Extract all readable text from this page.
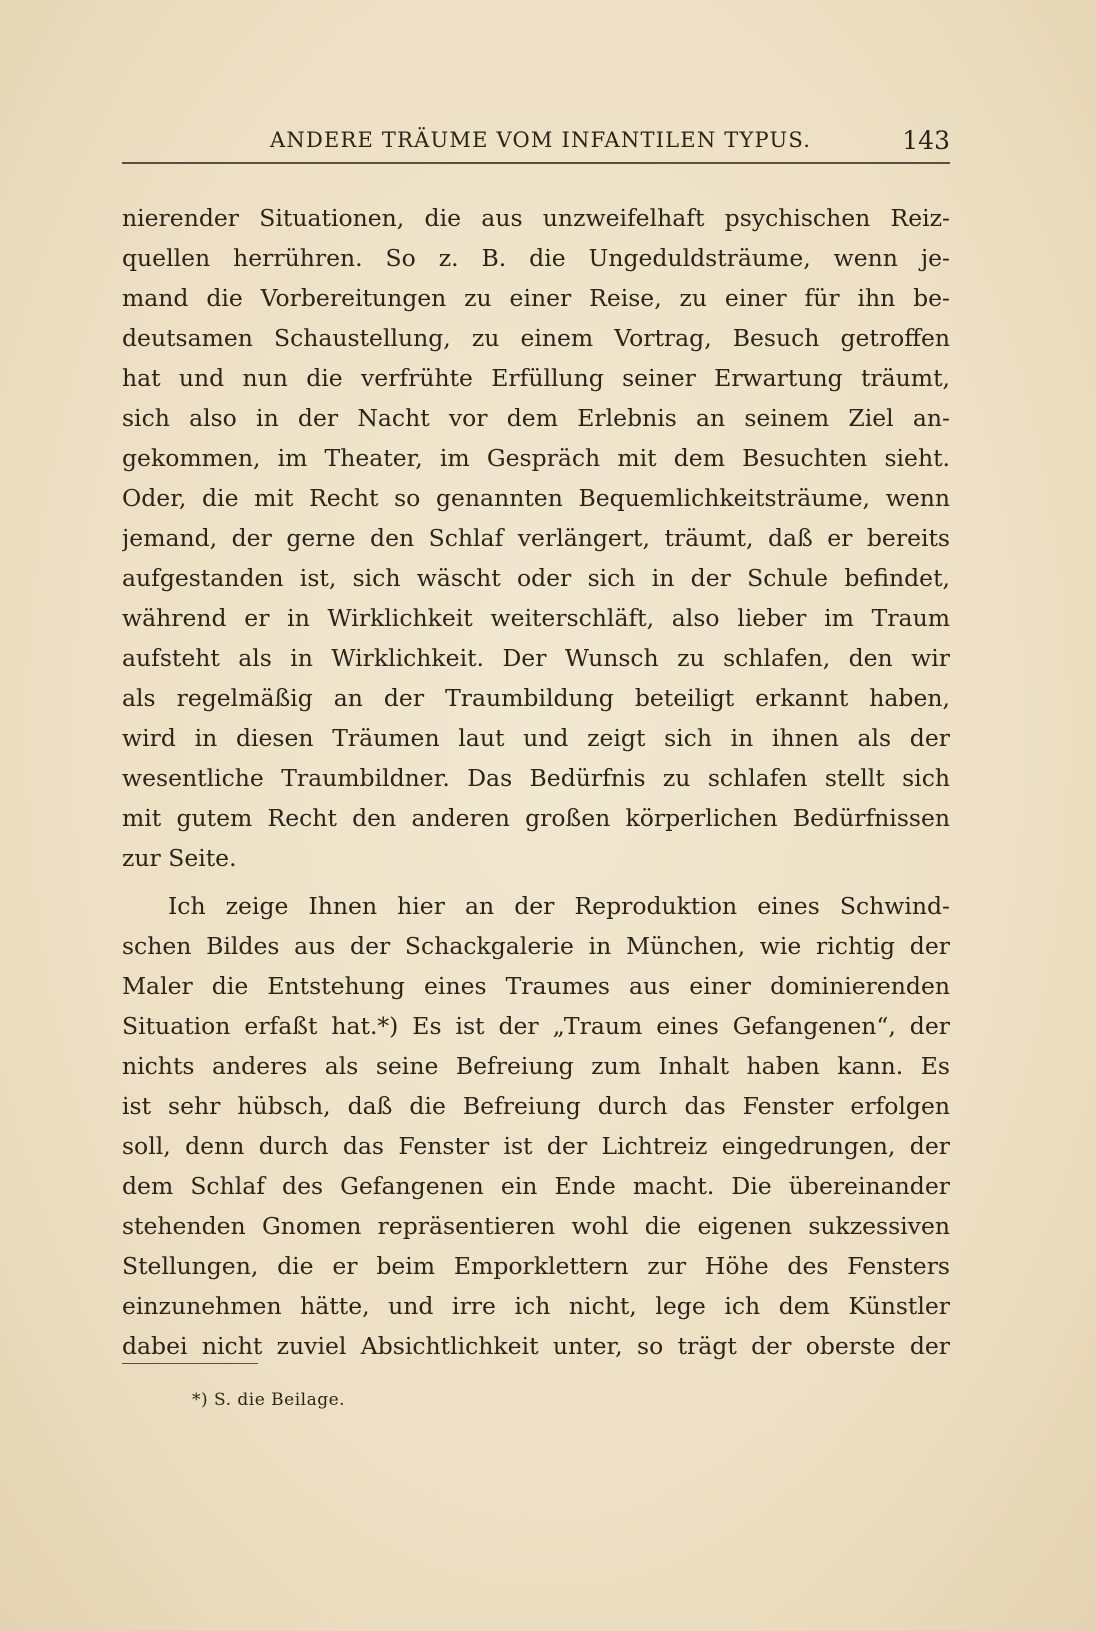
ANDERE TRÄUME VOM INFANTILEN TYPUS.	143
nierender Situationen, die aus unzweifelhaft psychischen Reiz-
quellen herrühren. So z. B. die Ungeduldsträume, wenn je-
mand die Vorbereitungen zu einer Reise, zu einer für ihn be-
deutsamen Schaustellung, zu einem Vortrag, Besuch getroffen
hat und nun die verfrühte Erfüllung seiner Erwartung träumt,
sich also in der Nacht vor dem Erlebnis an seinem Ziel an-
gekommen, im Theater, im Gespräch mit dem Besuchten sieht.
Oder, die mit Recht so genannten Bequemlichkeitsträume, wenn
jemand, der gerne den Schlaf verlängert, träumt, daß er bereits
aufgestanden ist, sich wäscht oder sich in der Schule befindet,
während er in Wirklichkeit weiterschläft, also lieber im Traum
aufsteht als in Wirklichkeit. Der Wunsch zu schlafen, den wir
als regelmäßig an der Traumbildung beteiligt erkannt haben,
wird in diesen Träumen laut und zeigt sich in ihnen als der
wesentliche Traumbildner. Das Bedürfnis zu schlafen stellt sich
mit gutem Recht den anderen großen körperlichen Bedürfnissen
zur Seite.
Ich zeige Ihnen hier an der Reproduktion eines Schwind-
schen Bildes aus der Schackgalerie in München, wie richtig der
Maler die Entstehung eines Traumes aus einer dominierenden
Situation erfaßt hat.*) Es ist der „Traum eines Gefangenen“, der
nichts anderes als seine Befreiung zum Inhalt haben kann. Es
ist sehr hübsch, daß die Befreiung durch das Fenster erfolgen
soll, denn durch das Fenster ist der Lichtreiz eingedrungen, der
dem Schlaf des Gefangenen ein Ende macht. Die übereinander
stehenden Gnomen repräsentieren wohl die eigenen sukzessiven
Stellungen, die er beim Emporklettern zur Höhe des Fensters
einzunehmen hätte, und irre ich nicht, lege ich dem Künstler
dabei nicht zuviel Absichtlichkeit unter, so trägt der oberste der
*) S. die Beilage.
